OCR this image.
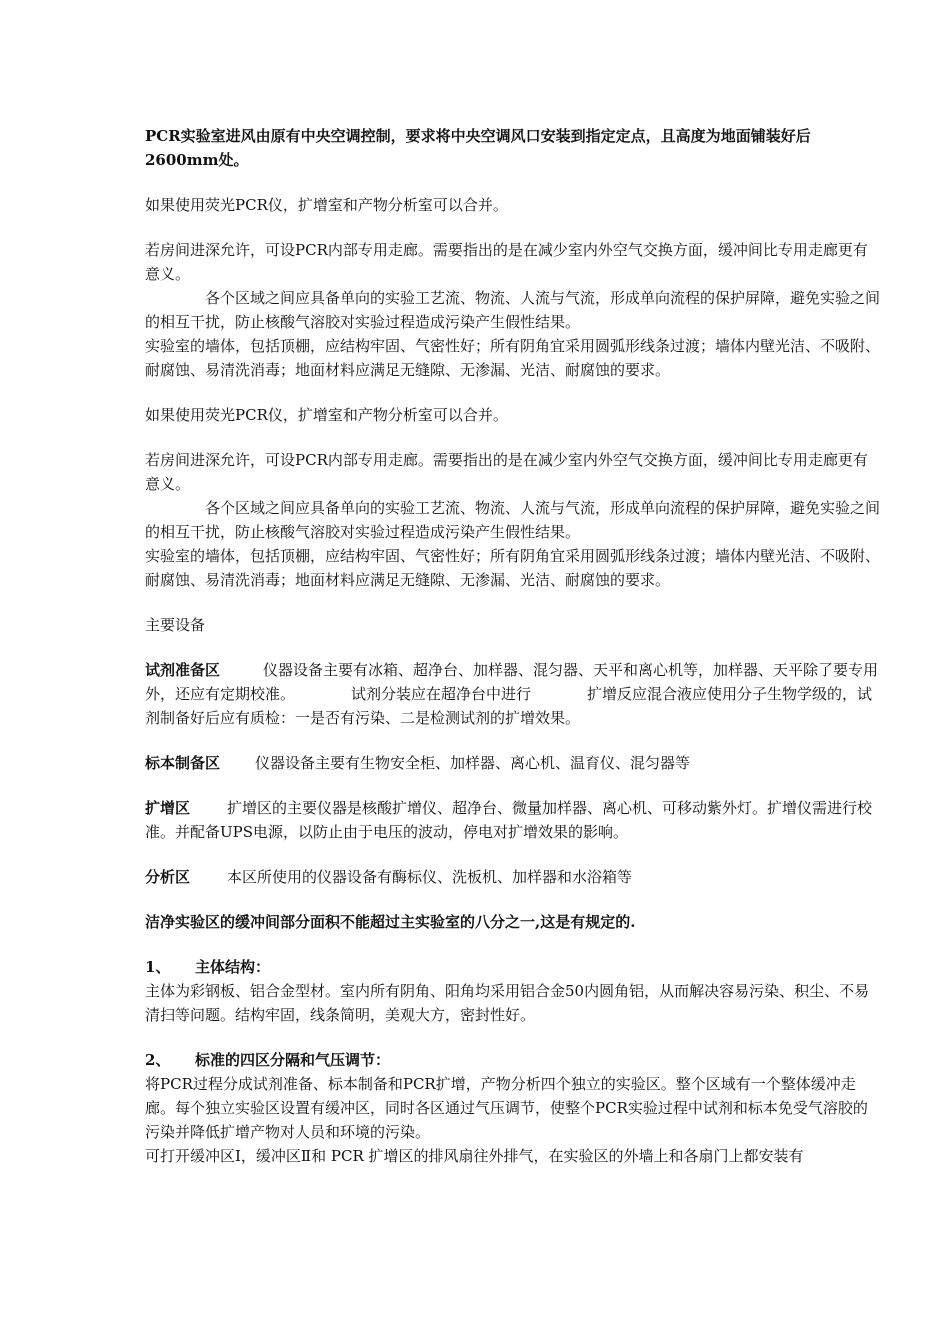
PCR实验室进风由原有中央空调控制，要求将中央空调风口安装到指定定点，且高度为地面铺装好后2600mm处。

如果使用荧光PCR仪，扩增室和产物分析室可以合并。

若房间进深允许，可设PCR内部专用走廊。需要指出的是在减少室内外空气交换方面，缓冲间比专用走廊更有意义。

各个区域之间应具备单向的实验工艺流、物流、人流与气流，形成单向流程的保护屏障，避免实验之间的相互干扰，防止核酸气溶胶对实验过程造成污染产生假性结果。

实验室的墙体，包括顶棚，应结构牢固、气密性好；所有阴角宜采用圆弧形线条过渡；墙体内壁光洁、不吸附、耐腐蚀、易清洗消毒；地面材料应满足无缝隙、无渗漏、光洁、耐腐蚀的要求。

如果使用荧光PCR仪，扩增室和产物分析室可以合并。

若房间进深允许，可设PCR内部专用走廊。需要指出的是在减少室内外空气交换方面，缓冲间比专用走廊更有意义。

各个区域之间应具备单向的实验工艺流、物流、人流与气流，形成单向流程的保护屏障，避免实验之间的相互干扰，防止核酸气溶胶对实验过程造成污染产生假性结果。

实验室的墙体，包括顶棚，应结构牢固、气密性好；所有阴角宜采用圆弧形线条过渡；墙体内壁光洁、不吸附、耐腐蚀、易清洗消毒；地面材料应满足无缝隙、无渗漏、光洁、耐腐蚀的要求。

主要设备

试剂准备区	仪器设备主要有冰箱、超净台、加样器、混匀器、天平和离心机等，加样器、天平除了要专用外，还应有定期校准。	试剂分装应在超净台中进行	扩增反应混合液应使用分子生物学级的，试剂制备好后应有质检：一是否有污染、二是检测试剂的扩增效果。

标本制备区 仪器设备主要有生物安全柜、加样器、离心机、温育仪、混匀器等

扩增区 扩增区的主要仪器是核酸扩增仪、超净台、微量加样器、离心机、可移动紫外灯。扩增仪需进行校准。并配备UPS电源，以防止由于电压的波动，停电对扩增效果的影响。

分析区 本区所使用的仪器设备有酶标仪、洗板机、加样器和水浴箱等

洁净实验区的缓冲间部分面积不能超过主实验室的八分之一,这是有规定的.

1、 主体结构：

主体为彩钢板、铝合金型材。室内所有阴角、阳角均采用铝合金50内圆角铝，从而解决容易污染、积尘、不易清扫等问题。结构牢固，线条简明，美观大方，密封性好。

2、 标准的四区分隔和气压调节：

将PCR过程分成试剂准备、标本制备和PCR扩增，产物分析四个独立的实验区。整个区域有一个整体缓冲走廊。每个独立实验区设置有缓冲区，同时各区通过气压调节，使整个PCR实验过程中试剂和标本免受气溶胶的污染并降低扩增产物对人员和环境的污染。

可打开缓冲区Ⅰ，缓冲区Ⅱ和 PCR 扩增区的排风扇往外排气，在实验区的外墙上和各扇门上都安装有
